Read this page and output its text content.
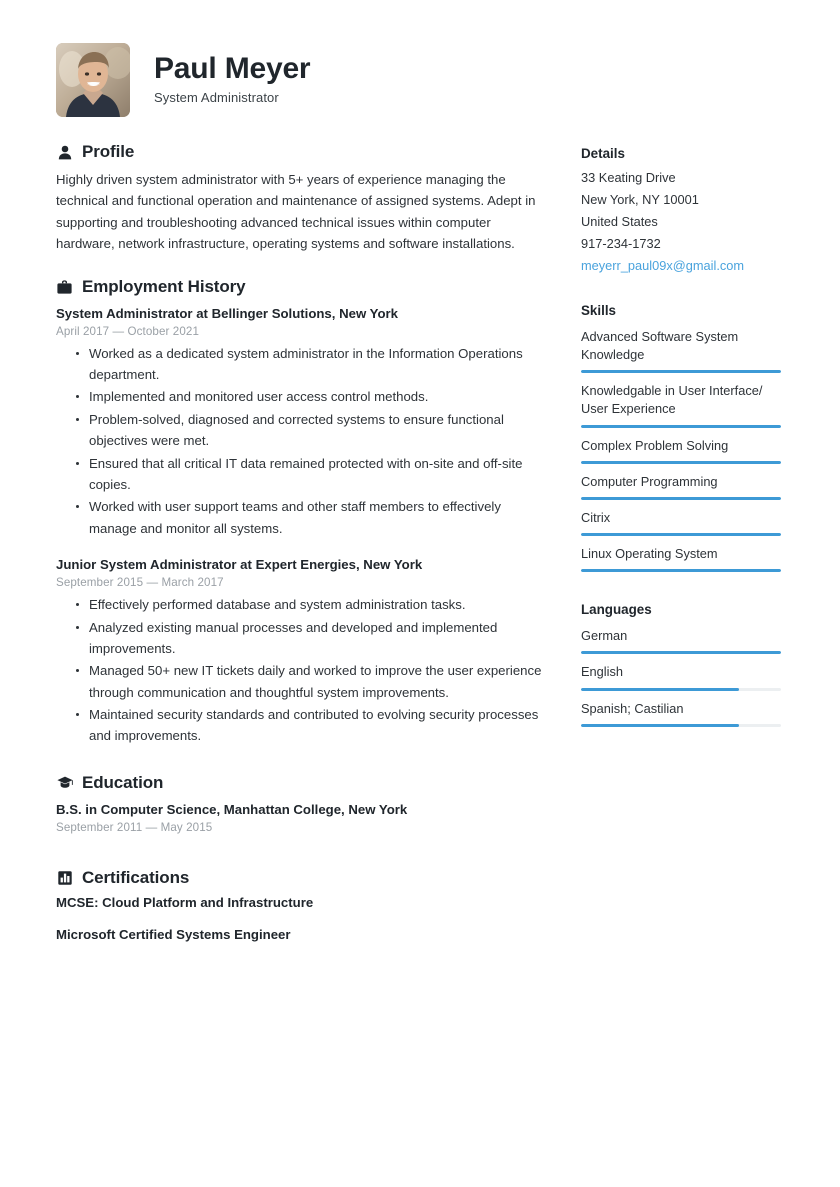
Paul Meyer
System Administrator
Profile
Highly driven system administrator with 5+ years of experience managing the technical and functional operation and maintenance of assigned systems. Adept in supporting and troubleshooting advanced technical issues within computer hardware, network infrastructure, operating systems and software installations.
Employment History
System Administrator at Bellinger Solutions, New York
April 2017 — October 2021
Worked as a dedicated system administrator in the Information Operations department.
Implemented and monitored user access control methods.
Problem-solved, diagnosed and corrected systems to ensure functional objectives were met.
Ensured that all critical IT data remained protected with on-site and off-site copies.
Worked with user support teams and other staff members to effectively manage and monitor all systems.
Junior System Administrator at Expert Energies, New York
September 2015 — March 2017
Effectively performed database and system administration tasks.
Analyzed existing manual processes and developed and implemented improvements.
Managed 50+ new IT tickets daily and worked to improve the user experience through communication and thoughtful system improvements.
Maintained security standards and contributed to evolving security processes and improvements.
Education
B.S. in Computer Science, Manhattan College, New York
September 2011 — May 2015
Certifications
MCSE: Cloud Platform and Infrastructure
Microsoft Certified Systems Engineer
Details
33 Keating Drive
New York, NY 10001
United States
917-234-1732
meyerr_paul09x@gmail.com
Skills
Advanced Software System Knowledge
Knowledgable in User Interface/ User Experience
Complex Problem Solving
Computer Programming
Citrix
Linux Operating System
Languages
German
English
Spanish; Castilian
